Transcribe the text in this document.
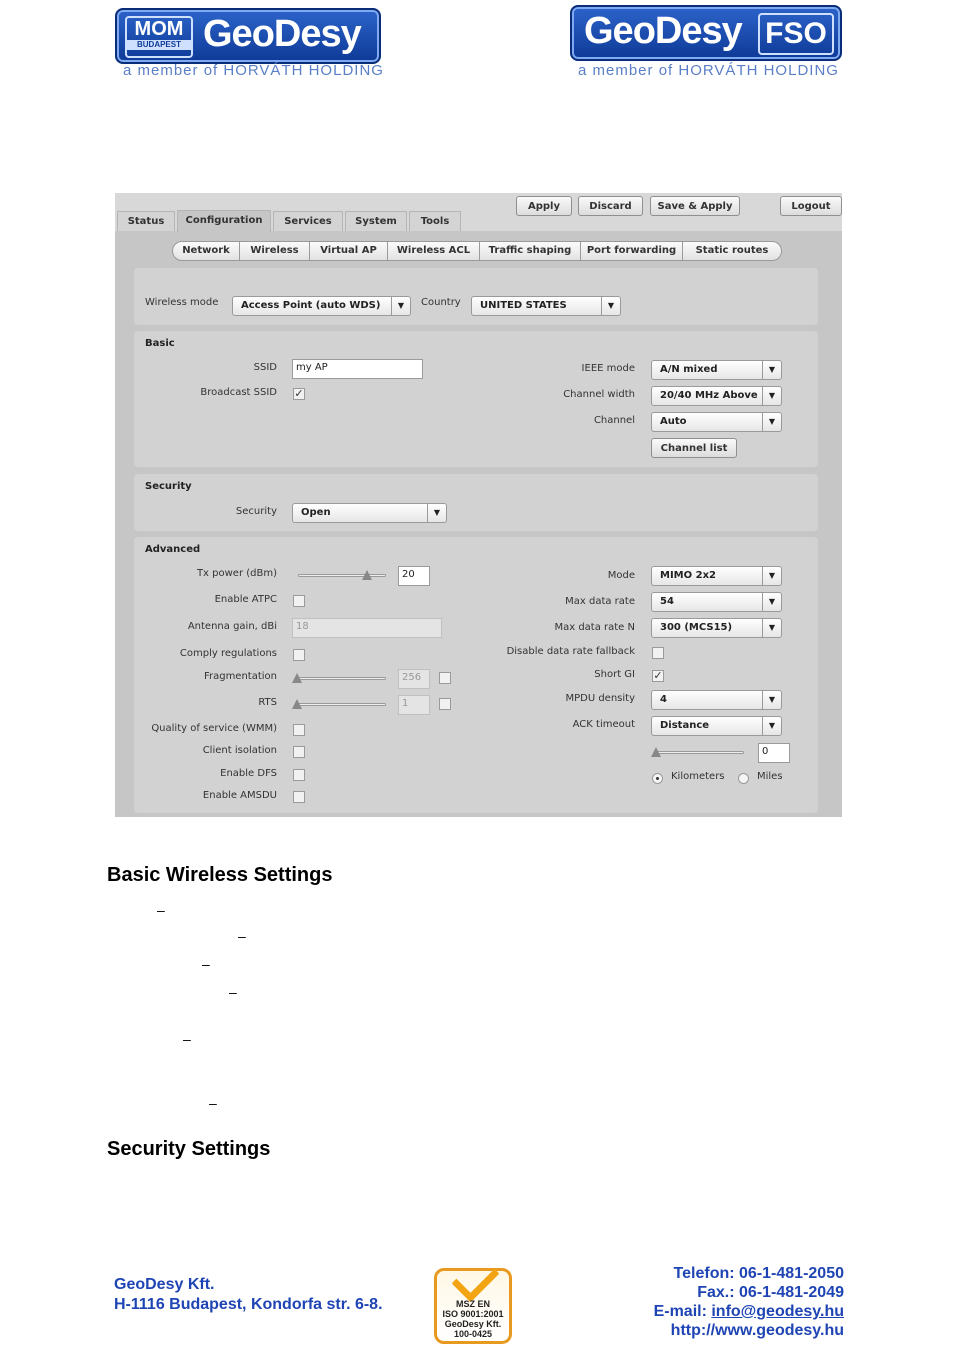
MOM
BUDAPEST GeoDesy
a member of HORVÁTH HOLDING
GeoDesy FSO
a member of HORVÁTH HOLDING
Status	Configuration	Services	System	Tools
Apply	Discard	Save & Apply	Logout
Network	Wireless	Virtual AP	Wireless ACL	Traffic shaping	Port forwarding	Static routes
Wireless mode	Access Point (auto WDS)	▼	Country	UNITED STATES	▼
Basic
SSID	my AP
Broadcast SSID ✓
IEEE mode	A/N mixed	▼
Channel width	20/40 MHz Above	▼
Channel	Auto	▼
Channel list
Security
Security	Open	▼
Advanced
Tx power (dBm)	20
Enable ATPC
Antenna gain, dBi	18
Comply regulations
Fragmentation	256
RTS	1
Quality of service (WMM)
Client isolation
Enable DFS
Enable AMSDU
Mode	MIMO 2x2	▼
Max data rate	54	▼
Max data rate N	300 (MCS15)	▼
Disable data rate fallback
Short GI ✓
MPDU density	4	▼
ACK timeout	Distance	▼
0
Kilometers	Miles
Basic Wireless Settings
–
–
–
–
–
–
Security Settings
GeoDesy Kft.
H-1116 Budapest, Kondorfa str. 6-8.	MSZ EN
ISO 9001:2001
GeoDesy Kft.
100-0425
Telefon: 06-1-481-2050
Fax.: 06-1-481-2049
E-mail: info@geodesy.hu
http://www.geodesy.hu
